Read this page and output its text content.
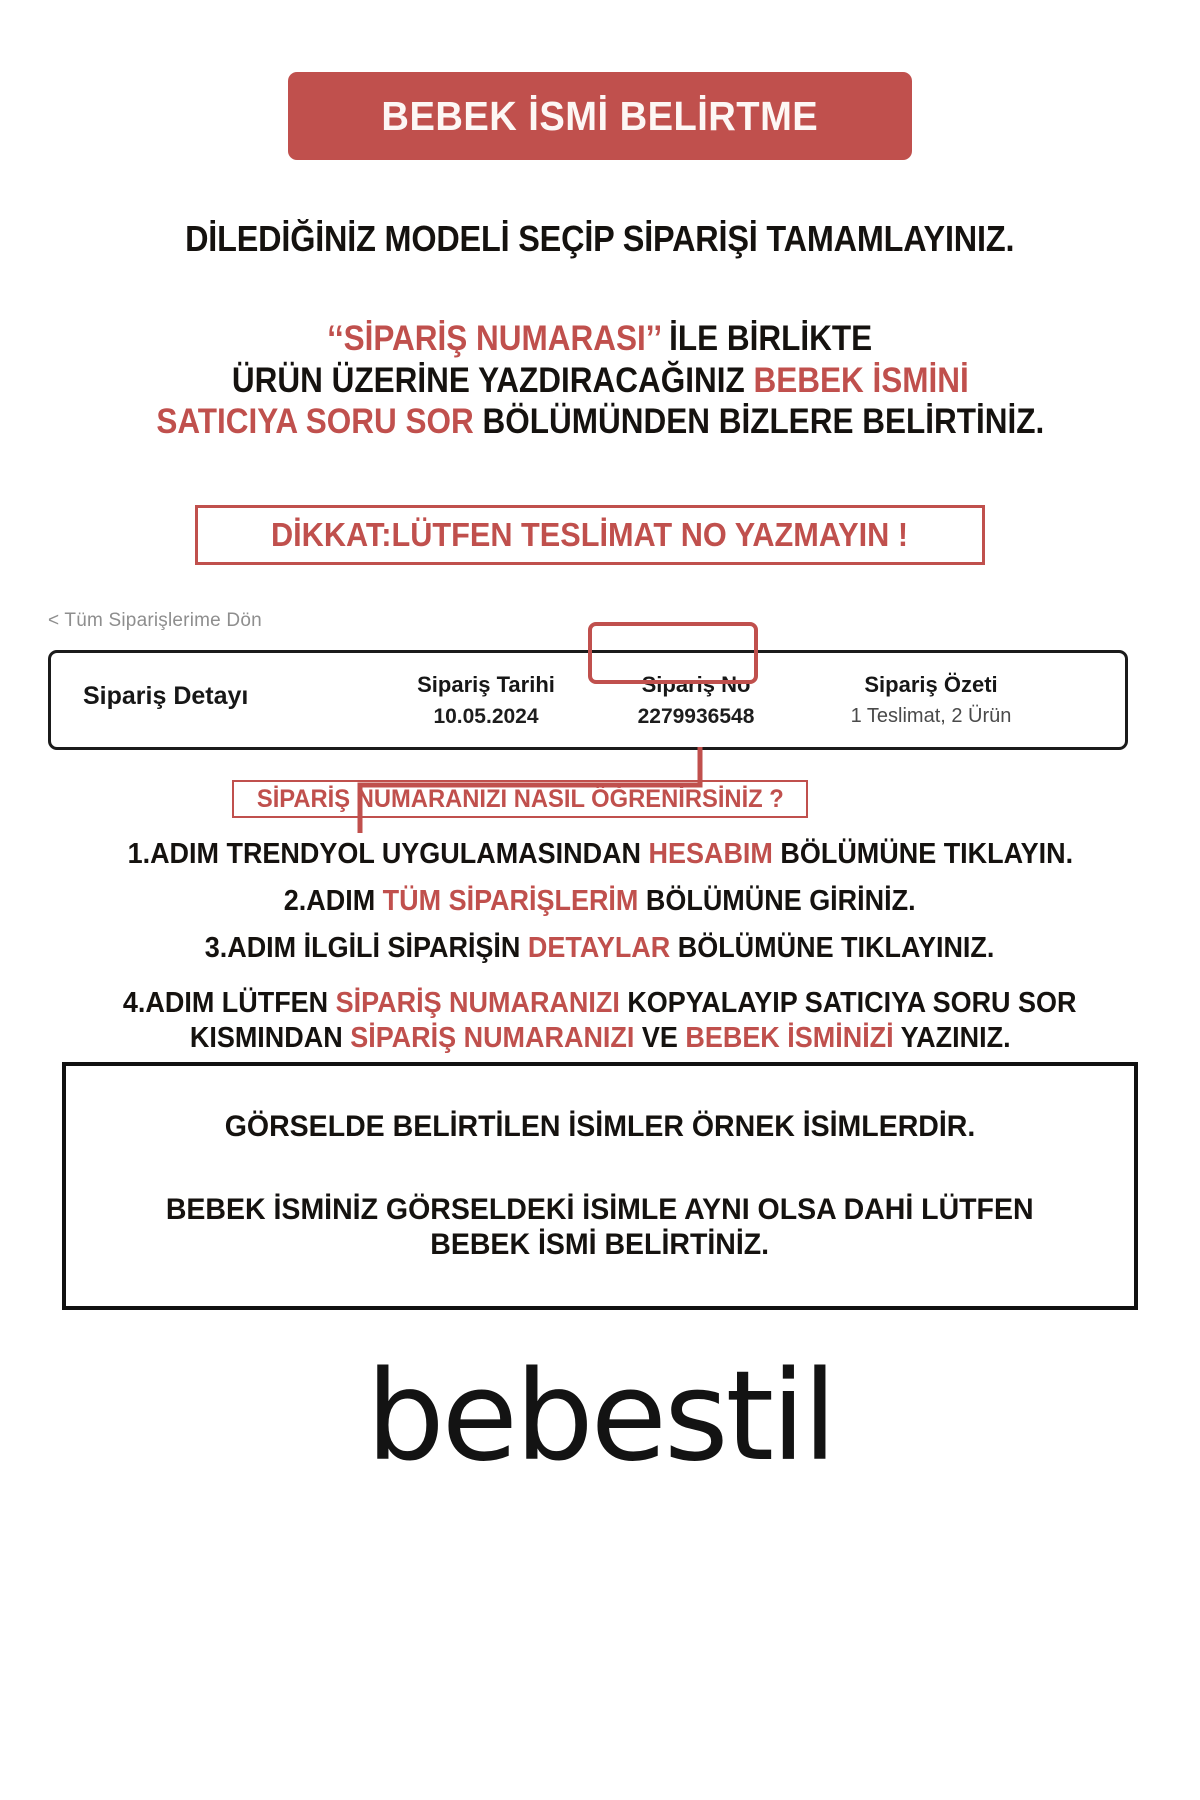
BEBEK İSMİ BELİRTME
DİLEDİĞİNİZ MODELİ SEÇİP SİPARİŞİ TAMAMLAYINIZ.
‘‘SİPARİŞ NUMARASI’’ İLE BİRLİKTE
ÜRÜN ÜZERİNE YAZDIRACAĞINIZ BEBEK İSMİNİ
SATICIYA SORU SOR BÖLÜMÜNDEN BİZLERE BELİRTİNİZ.
DİKKAT:LÜTFEN TESLİMAT NO YAZMAYIN !
< Tüm Siparişlerime Dön
Sipariş Detayı	Sipariş Tarihi
10.05.2024
Sipariş No
2279936548
Sipariş Özeti
1 Teslimat, 2 Ürün
SİPARİŞ NUMARANIZI NASIL ÖĞRENİRSİNİZ ?
1.ADIM TRENDYOL UYGULAMASINDAN HESABIM BÖLÜMÜNE TIKLAYIN.
2.ADIM TÜM SİPARİŞLERİM BÖLÜMÜNE GİRİNİZ.
3.ADIM İLGİLİ SİPARİŞİN DETAYLAR BÖLÜMÜNE TIKLAYINIZ.
4.ADIM LÜTFEN SİPARİŞ NUMARANIZI KOPYALAYIP SATICIYA SORU SOR
KISMINDAN SİPARİŞ NUMARANIZI VE BEBEK İSMİNİZİ YAZINIZ.
GÖRSELDE BELİRTİLEN İSİMLER ÖRNEK İSİMLERDİR.
BEBEK İSMİNİZ GÖRSELDEKİ İSİMLE AYNI OLSA DAHİ LÜTFEN
BEBEK İSMİ BELİRTİNİZ.
bebestil
